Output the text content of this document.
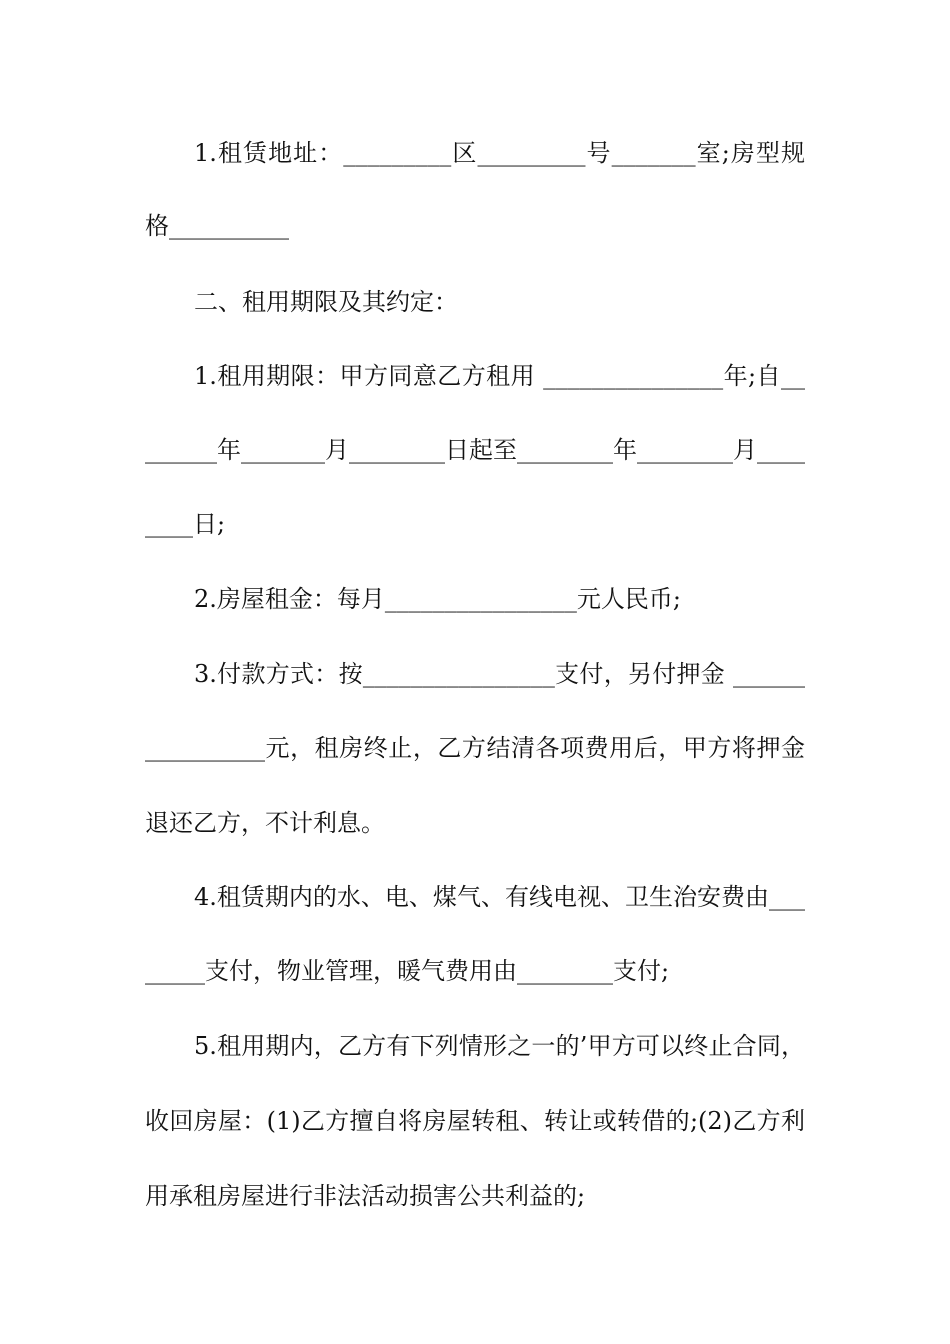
1.租赁地址：_________区_________号_______室;房型规
格__________
二、租用期限及其约定：
1.租用期限：甲方同意乙方租用 _______________年;自__
______年_______月________日起至________年________月____
____日;
2.房屋租金：每月________________元人民币;
3.付款方式：按________________支付，另付押金 ______
__________元，租房终止，乙方结清各项费用后，甲方将押金
退还乙方，不计利息。
4.租赁期内的水、电、煤气、有线电视、卫生治安费由___
_____支付，物业管理，暖气费用由________支付;
5.租用期内，乙方有下列情形之一的’甲方可以终止合同，
收回房屋：(1)乙方擅自将房屋转租、转让或转借的;(2)乙方利
用承租房屋进行非法活动损害公共利益的;
